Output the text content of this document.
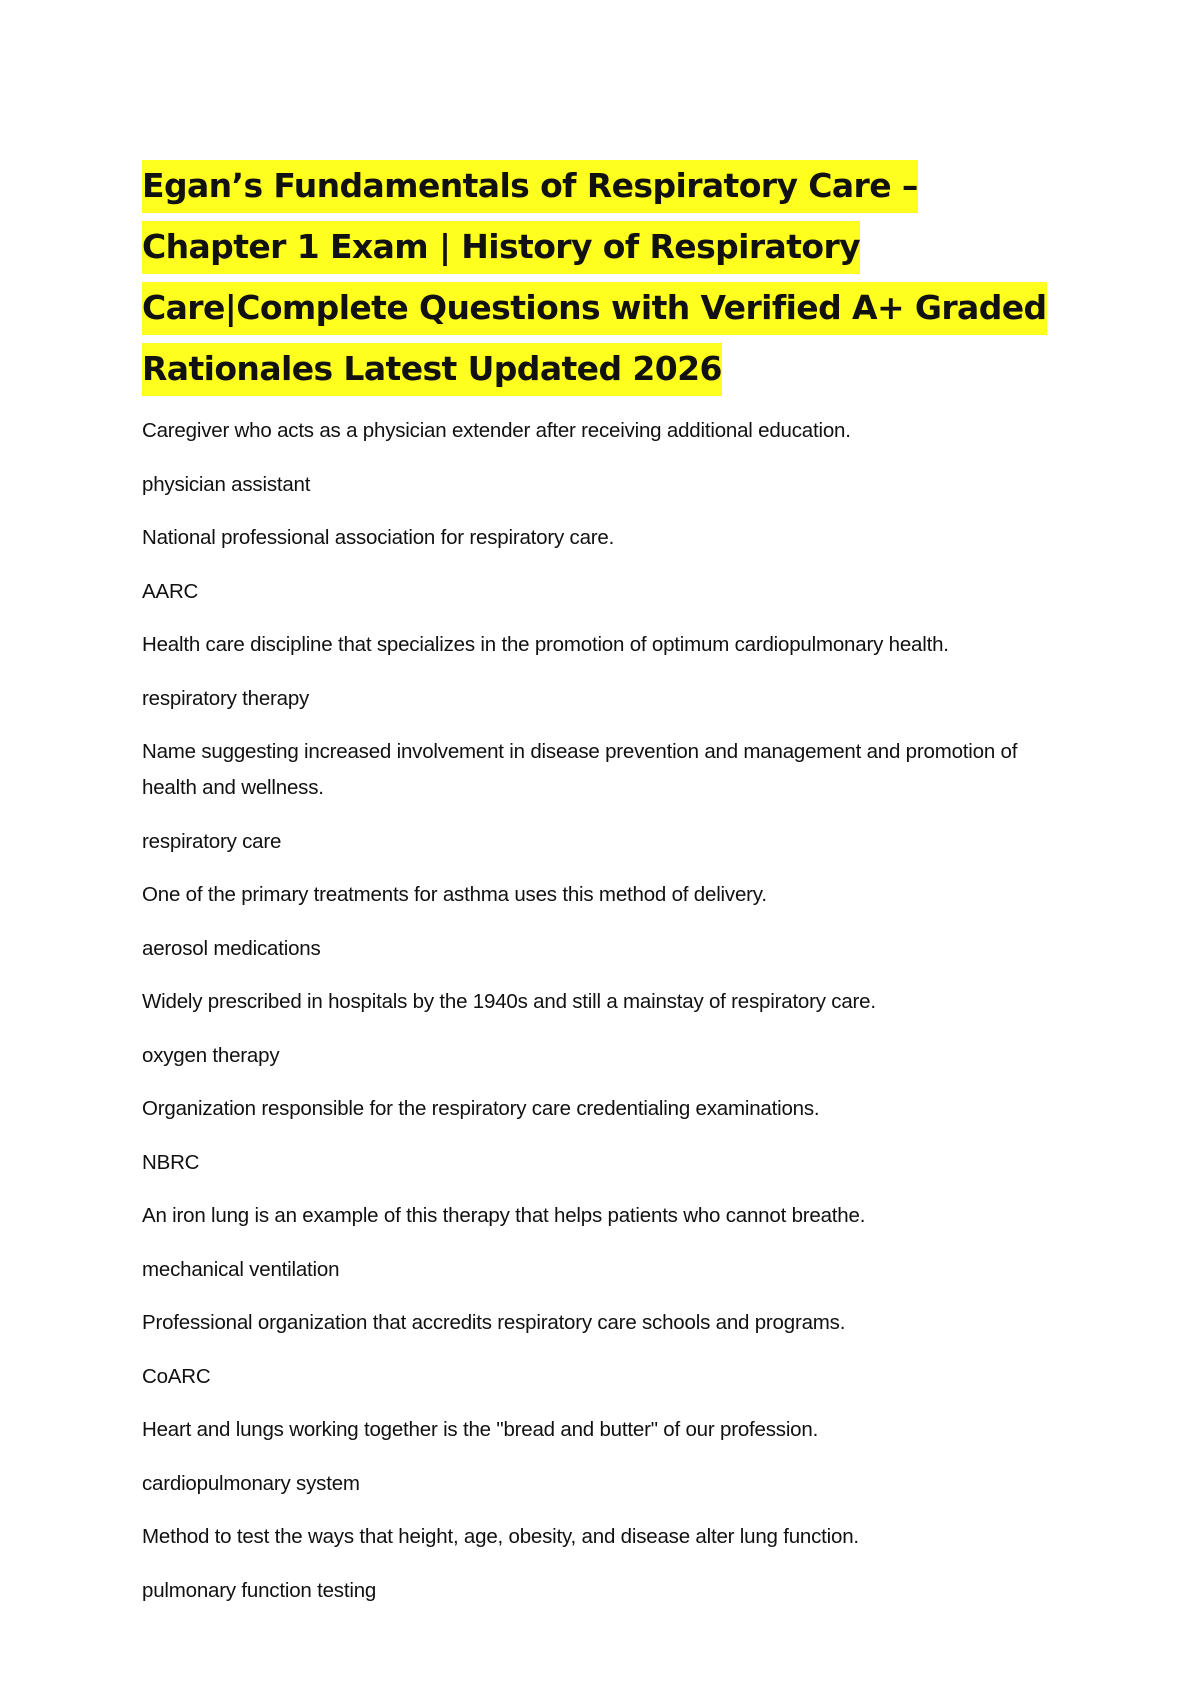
Egan’s Fundamentals of Respiratory Care – Chapter 1 Exam | History of Respiratory Care|Complete Questions with Verified A+ Graded Rationales Latest Updated 2026

Caregiver who acts as a physician extender after receiving additional education.

physician assistant

National professional association for respiratory care.

AARC

Health care discipline that specializes in the promotion of optimum cardiopulmonary health.

respiratory therapy

Name suggesting increased involvement in disease prevention and management and promotion of health and wellness.

respiratory care

One of the primary treatments for asthma uses this method of delivery.

aerosol medications

Widely prescribed in hospitals by the 1940s and still a mainstay of respiratory care.

oxygen therapy

Organization responsible for the respiratory care credentialing examinations.

NBRC

An iron lung is an example of this therapy that helps patients who cannot breathe.

mechanical ventilation

Professional organization that accredits respiratory care schools and programs.

CoARC

Heart and lungs working together is the "bread and butter" of our profession.

cardiopulmonary system

Method to test the ways that height, age, obesity, and disease alter lung function.

pulmonary function testing
